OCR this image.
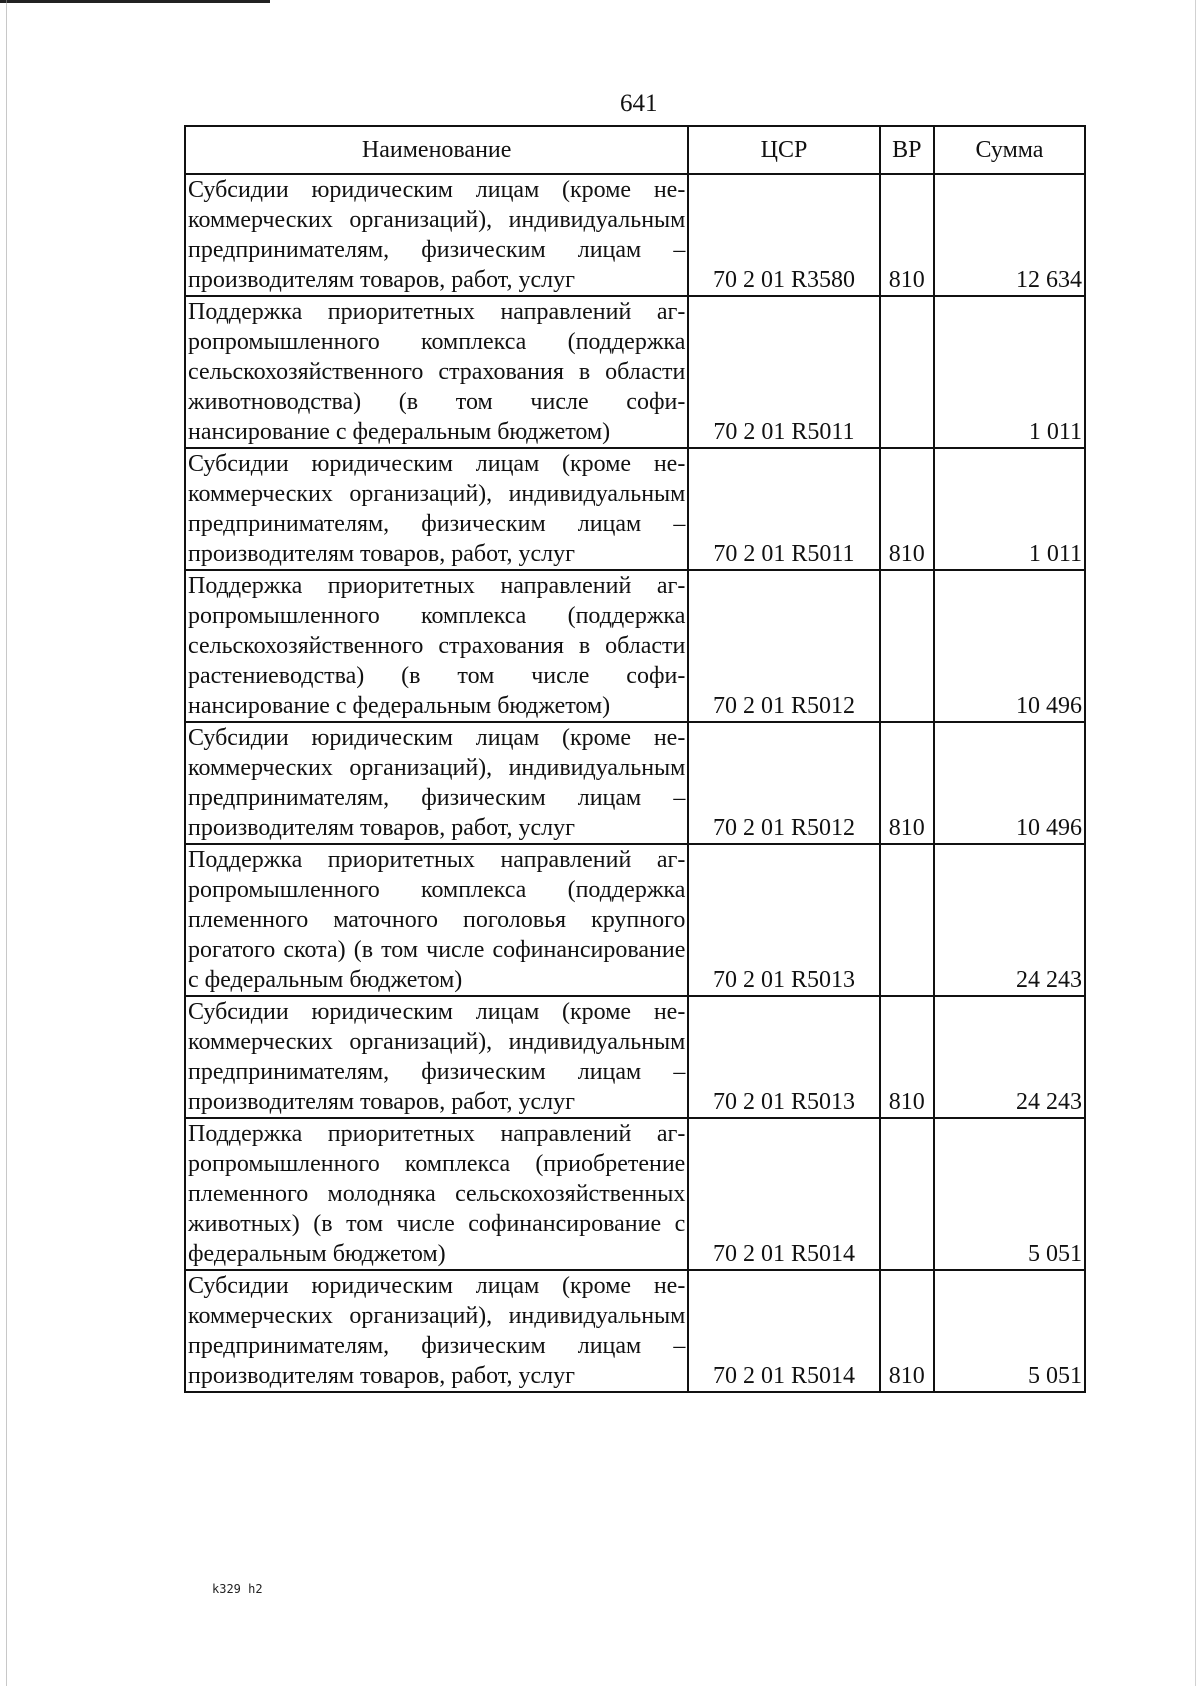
641
Наименование	ЦСР	ВР	Сумма
Субсидии юридическим лицам (кроме некоммерческих организаций), индивидуальным предпринимателям, физическим лицам – производителям товаров, работ, услуг	70 2 01 R3580	810	12 634
Поддержка приоритетных направлений агропромышленного комплекса (поддержка сельскохозяйственного страхования в области животноводства) (в том числе софинансирование с федеральным бюджетом)	70 2 01 R5011		1 011
Субсидии юридическим лицам (кроме некоммерческих организаций), индивидуальным предпринимателям, физическим лицам – производителям товаров, работ, услуг	70 2 01 R5011	810	1 011
Поддержка приоритетных направлений агропромышленного комплекса (поддержка сельскохозяйственного страхования в области растениеводства) (в том числе софинансирование с федеральным бюджетом)	70 2 01 R5012		10 496
Субсидии юридическим лицам (кроме некоммерческих организаций), индивидуальным предпринимателям, физическим лицам – производителям товаров, работ, услуг	70 2 01 R5012	810	10 496
Поддержка приоритетных направлений агропромышленного комплекса (поддержка племенного маточного поголовья крупного рогатого скота) (в том числе софинансирование с федеральным бюджетом)	70 2 01 R5013		24 243
Субсидии юридическим лицам (кроме некоммерческих организаций), индивидуальным предпринимателям, физическим лицам – производителям товаров, работ, услуг	70 2 01 R5013	810	24 243
Поддержка приоритетных направлений агропромышленного комплекса (приобретение племенного молодняка сельскохозяйственных животных) (в том числе софинансирование с федеральным бюджетом)	70 2 01 R5014		5 051
Субсидии юридическим лицам (кроме некоммерческих организаций), индивидуальным предпринимателям, физическим лицам – производителям товаров, работ, услуг	70 2 01 R5014	810	5 051
k329 h2
